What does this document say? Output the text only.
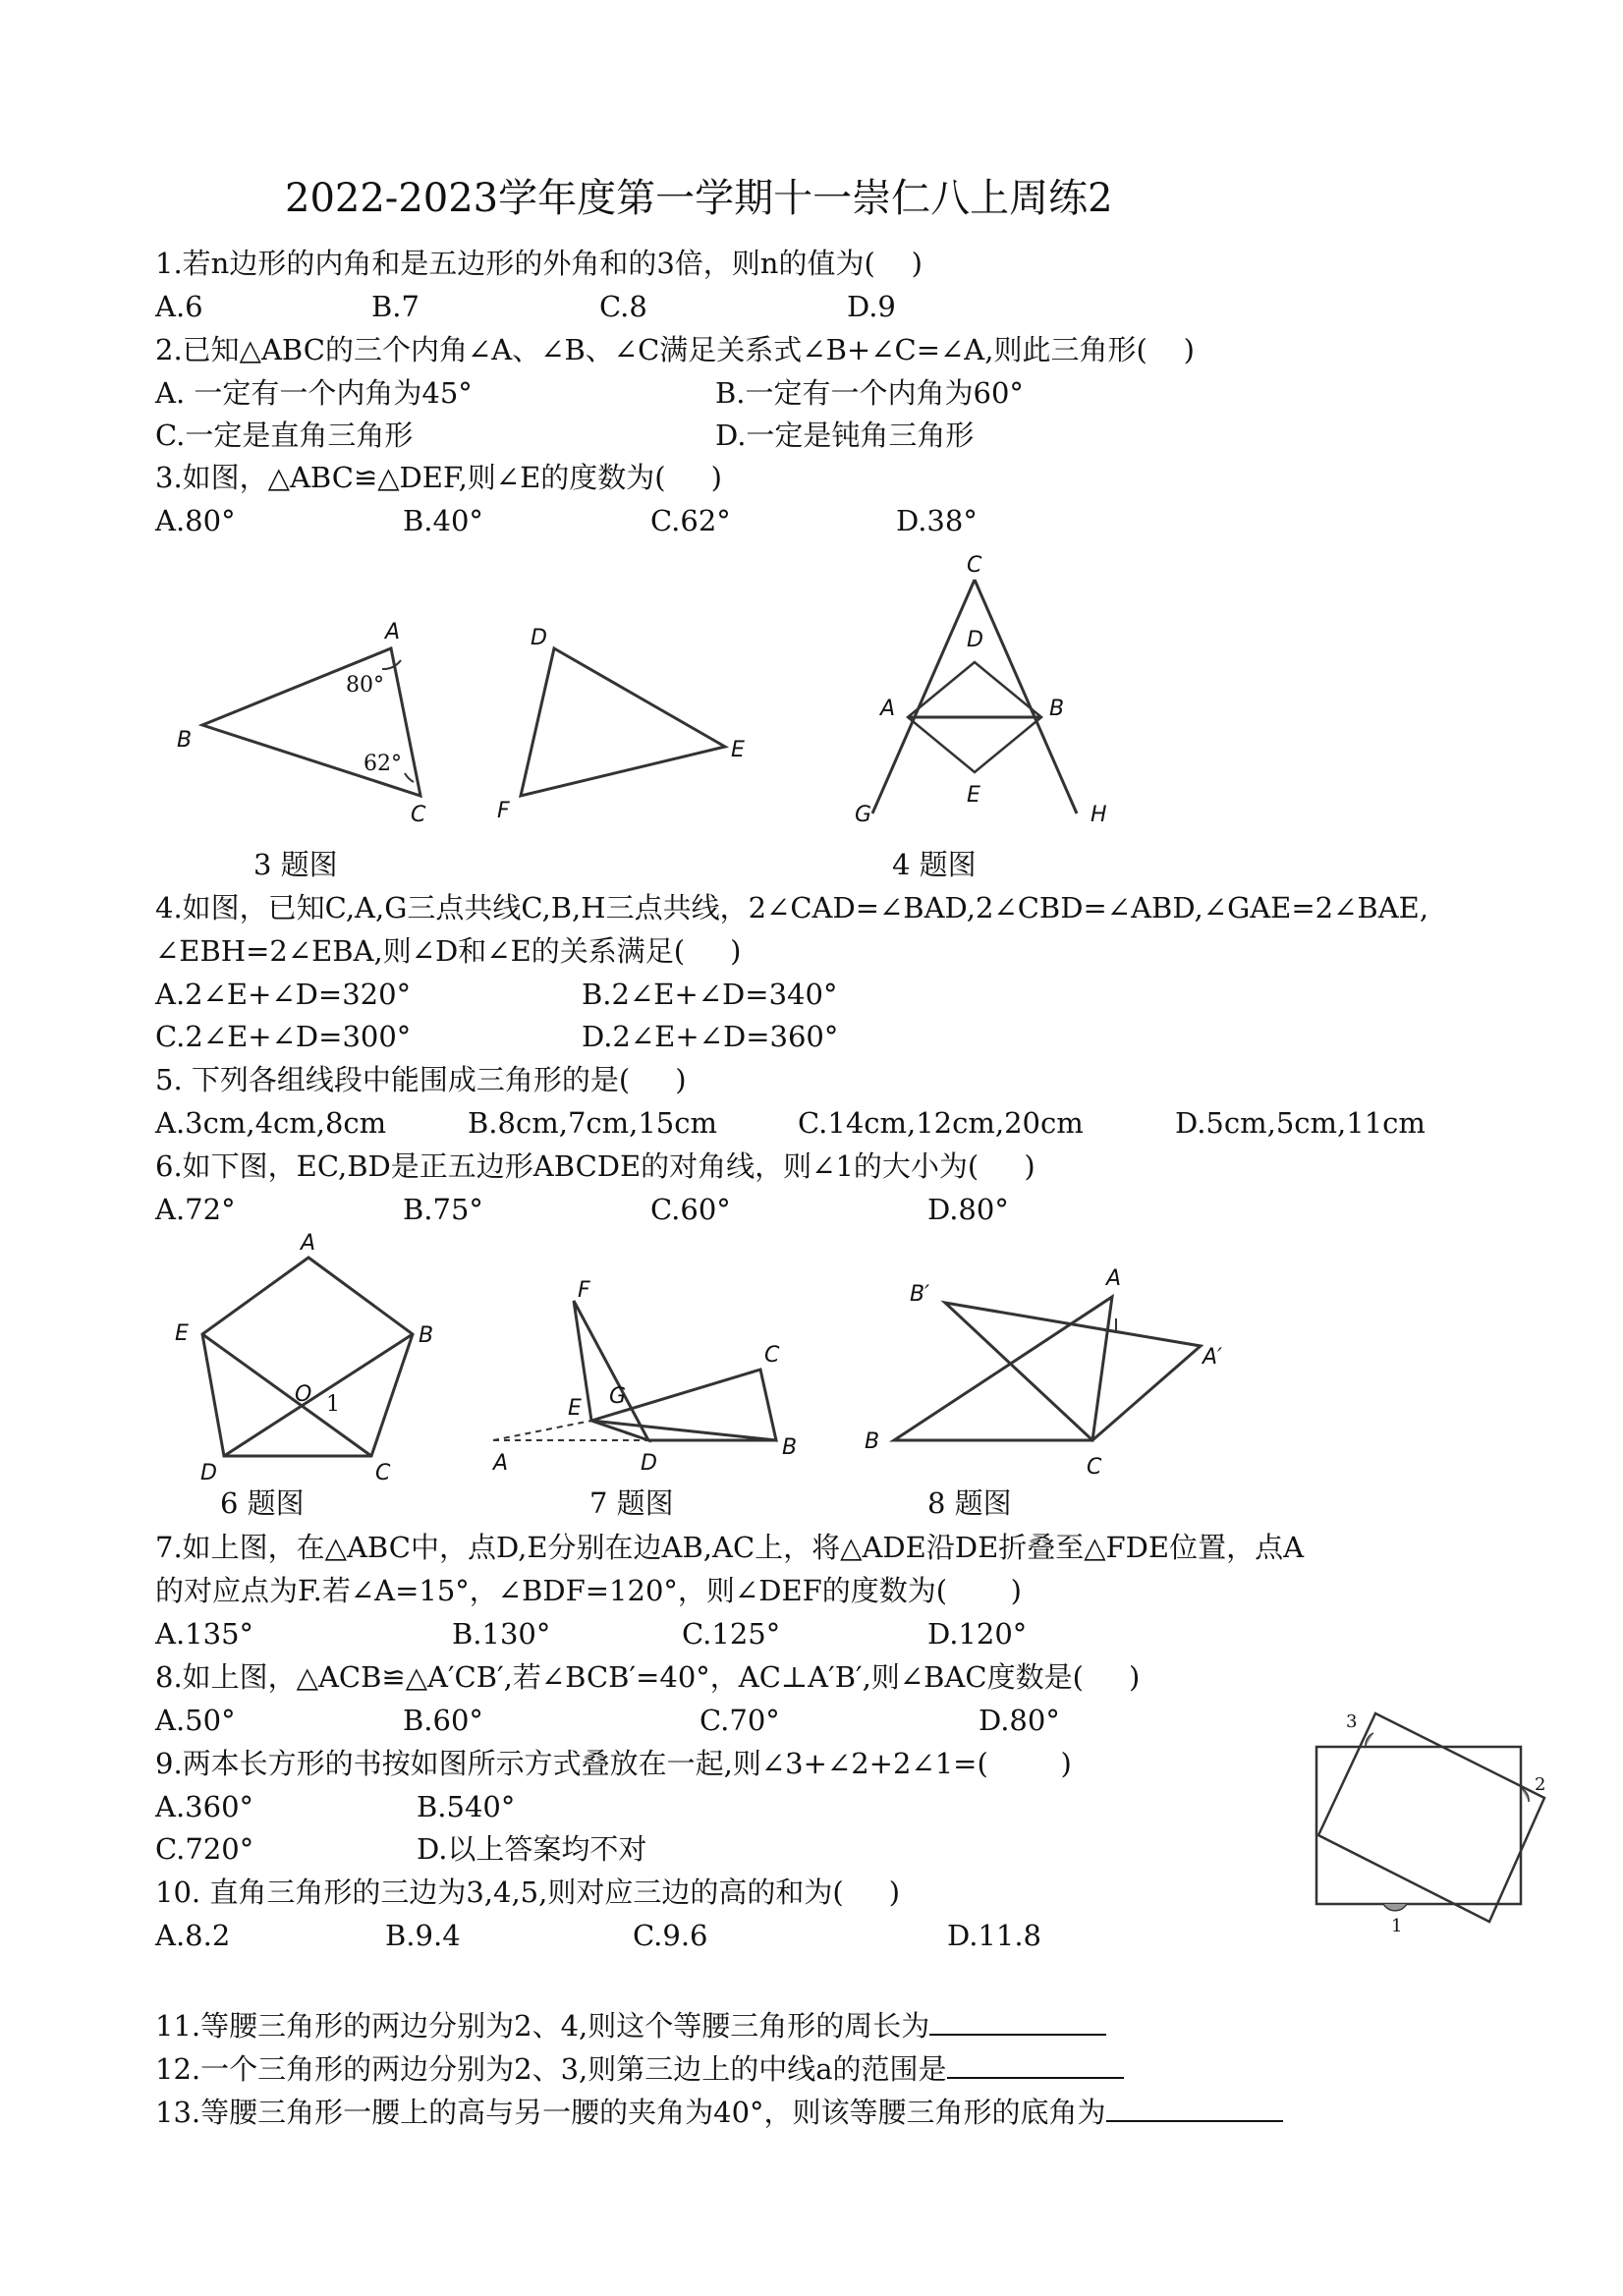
2022-2023学年度第一学期十一崇仁八上周练2
1.若n边形的内角和是五边形的外角和的3倍，则n的值为(    )
A.6	B.7	C.8	D.9
2.已知△ABC的三个内角∠A、∠B、∠C满足关系式∠B+∠C=∠A,则此三角形(    )
A. 一定有一个内角为45°	B.一定有一个内角为60°
C.一定是直角三角形	D.一定是钝角三角形
3.如图，△ABC≌△DEF,则∠E的度数为(     )
A.80°	B.40°	C.62°	D.38°
A
B
C
D
E
F
80°
62°
3 题图
C
D
A	B
E
G	H
4 题图
4.如图，已知C,A,G三点共线C,B,H三点共线，2∠CAD=∠BAD,2∠CBD=∠ABD,∠GAE=2∠BAE,
∠EBH=2∠EBA,则∠D和∠E的关系满足(     )
A.2∠E+∠D=320°	B.2∠E+∠D=340°
C.2∠E+∠D=300°	D.2∠E+∠D=360°
5. 下列各组线段中能围成三角形的是(     )
A.3cm,4cm,8cm	B.8cm,7cm,15cm	C.14cm,12cm,20cm	D.5cm,5cm,11cm
6.如下图，EC,BD是正五边形ABCDE的对角线，则∠1的大小为(     )
A.72°	B.75°	C.60°	D.80°
A
B
C
D
E
O 1
6 题图
F
E G
C
A	D
B
7 题图
A
B′
A′
B
C
8 题图
7.如上图，在△ABC中，点D,E分别在边AB,AC上，将△ADE沿DE折叠至△FDE位置，点A
的对应点为F.若∠A=15°，∠BDF=120°，则∠DEF的度数为(       )
A.135°	B.130°	C.125°	D.120°
8.如上图，△ACB≌△A′CB′,若∠BCB′=40°，AC⊥A′B′,则∠BAC度数是(     )
A.50°	B.60°	C.70°	D.80°
9.两本长方形的书按如图所示方式叠放在一起,则∠3+∠2+2∠1=(        )
A.360°	B.540°
C.720°	D.以上答案均不对
3
2
1
10. 直角三角形的三边为3,4,5,则对应三边的高的和为(     )
A.8.2	B.9.4	C.9.6	D.11.8
11.等腰三角形的两边分别为2、4,则这个等腰三角形的周长为
12.一个三角形的两边分别为2、3,则第三边上的中线a的范围是
13.等腰三角形一腰上的高与另一腰的夹角为40°，则该等腰三角形的底角为
